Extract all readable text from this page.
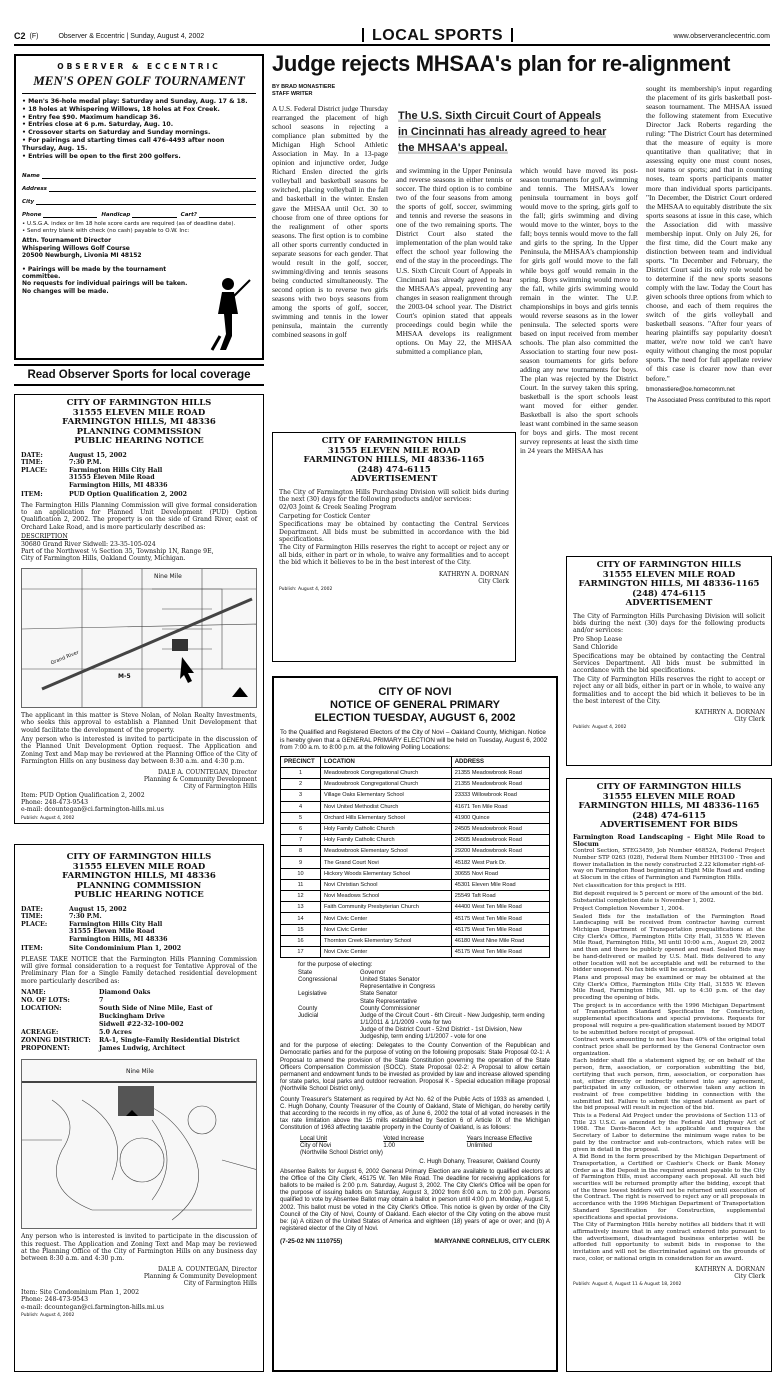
C2 (F)	Observer & Eccentric | Sunday, August 4, 2002	LOCAL SPORTS	www.observeranclecentric.com
OBSERVER & ECCENTRIC
MEN'S OPEN GOLF TOURNAMENT
• Men's 36-hole medal play: Saturday and Sunday, Aug. 17 & 18.
• 18 holes at Whispering Willows, 18 holes at Fox Creek.
• Entry fee $90. Maximum handicap 36.
• Entries close at 6 p.m. Saturday, Aug. 10.
• Crossover starts on Saturday and Sunday mornings.
• For pairings and starting times call 476-4493 after noon Thursday, Aug. 15.
• Entries will be open to the first 200 golfers.
Name
Address
City
Phone	Handicap	Cart?
• U.S.G.A. index or lim 18 hole score cards are required (as of deadline date).
• Send entry blank with check (no cash) payable to O.W. Inc:
Attn. Tournament Director
Whispering Willows Golf Course
20500 Newburgh, Livonia MI 48152
• Pairings will be made by the tournament committee.
No requests for individual pairings will be taken.
No changes will be made.
Read Observer Sports for local coverage
CITY OF FARMINGTON HILLS
31555 ELEVEN MILE ROAD
FARMINGTON HILLS, MI 48336
PLANNING COMMISSION
PUBLIC HEARING NOTICE
DATE:	August 15, 2002
TIME:	7:30 P.M.
PLACE:	Farmington Hills City Hall
31555 Eleven Mile Road
Farmington Hills, MI 48336
ITEM:	PUD Option Qualification 2, 2002
The Farmington Hills Planning Commission will give formal consideration to an application for Planned Unit Development (PUD) Option Qualification 2, 2002. The property is on the side of Grand River, east of Orchard Lake Road, and is more particularly described as:
DESCRIPTION
30680 Grand River Sidwell: 23-35-105-024
Part of the Northwest ¼ Section 35, Township 1N, Range 9E,
City of Farmington Hills, Oakland County, Michigan.
Nine Mile
M-5
Grand River
The applicant in this matter is Steve Nolan, of Nolan Realty Investments, who seeks this approval to establish a Planned Unit Development that would facilitate the development of the property.
Any person who is interested is invited to participate in the discussion of the Planned Unit Development Option request. The Application and Zoning Text and Map may be reviewed at the Planning Office of the City of Farmington Hills on any business day between 8:30 a.m. and 4:30 p.m.
DALE A. COUNTEGAN, Director
Planning & Community Development
City of Farmington Hills
Item: PUD Option Qualification 2, 2002
Phone: 248-473-9543
e-mail: dcountegan@ci.farmington-hills.mi.us
Publish: August 4, 2002
CITY OF FARMINGTON HILLS
31555 ELEVEN MILE ROAD
FARMINGTON HILLS, MI 48336
PLANNING COMMISSION
PUBLIC HEARING NOTICE
DATE:	August 15, 2002
TIME:	7:30 P.M.
PLACE:	Farmington Hills City Hall
31555 Eleven Mile Road
Farmington Hills, MI 48336
ITEM:	Site Condominium Plan 1, 2002
PLEASE TAKE NOTICE that the Farmington Hills Planning Commission will give formal consideration to a request for Tentative Approval of the Preliminary Plan for a Single Family detached residential development more particularly described as:
NAME:	Diamond Oaks
NO. OF LOTS:	7
LOCATION:	South Side of Nine Mile, East of Buckingham Drive
Sidwell #22-32-100-002
ACREAGE:	5.0 Acres
ZONING DISTRICT:	RA-1, Single-Family Residential District
PROPONENT:	James Ludwig, Architect
Nine Mile
Any person who is interested is invited to participate in the discussion of this request. The Application and Zoning Text and Map may be reviewed at the Planning Office of the City of Farmington Hills on any business day between 8:30 a.m. and 4:30 p.m.
DALE A. COUNTEGAN, Director
Planning & Community Development
City of Farmington Hills
Item: Site Condominium Plan 1, 2002
Phone: 248-473-9543
e-mail: dcountegan@ci.farmington-hills.mi.us
Publish: August 4, 2002
Judge rejects MHSAA's plan for re-alignment
The U.S. Sixth Circuit Court of Appeals in Cincinnati has already agreed to hear the MHSAA's appeal.
BY BRAD MONASTIERE
STAFF WRITER
A U.S. Federal District judge Thursday rearranged the placement of high school seasons in rejecting a compliance plan submitted by the Michigan High School Athletic Association in May. In a 13-page opinion and injunctive order, Judge Richard Enslen directed the girls volleyball and basketball seasons be switched, placing volleyball in the fall and basketball in the winter. Enslen gave the MHSAA until Oct. 30 to choose from one of three options for the realignment of other sports seasons. The first option is to combine all other sports currently conducted in separate seasons for each gender. That would result in the golf, soccer, swimming/diving and tennis seasons being conducted simultaneously. The second option is to reverse two girls seasons with two boys seasons from among the sports of golf, soccer, swimming and tennis in the lower peninsula, maintain the currently combined seasons in golf
and swimming in the Upper Peninsula and reverse seasons in either tennis or soccer. The third option is to combine two of the four seasons from among the sports of golf, soccer, swimming and tennis and reverse the seasons in one of the two remaining sports. The District Court also stated the implementation of the plan would take effect the school year following the end of the stay in the proceedings. The U.S. Sixth Circuit Court of Appeals in Cincinnati has already agreed to hear the MHSAA's appeal, preventing any changes in season realignment through the 2003-04 school year. The District Court's opinion stated that appeals proceedings could begin while the MHSAA develops its realignment options. On May 22, the MHSAA submitted a compliance plan,
which would have moved its post-season tournaments for golf, swimming and tennis. The MHSAA's lower peninsula tournament in boys golf would move to the spring, girls golf to the fall; girls swimming and diving would move to the winter, boys to the fall; boys tennis would move to the fall and girls to the spring. In the Upper Peninsula, the MHSAA's championship for girls golf would move to the fall while boys golf would remain in the spring. Boys swimming would move to the fall, while girls swimming would remain in the winter. The U.P. championships in boys and girls tennis would reverse seasons as in the lower peninsula. The selected sports were based on input received from member schools. The plan also committed the Association to starting four new post-season tournaments for girls before adding any new tournaments for boys. The plan was rejected by the District Court. In the survey taken this spring, basketball is the sport schools least want moved for either gender. Basketball is also the sport schools least want combined in the same season for boys and girls. The most recent survey represents at least the sixth time in 24 years the MHSAA has
sought its membership's input regarding the placement of its girls basketball post-season tournament. The MHSAA issued the following statement from Executive Director Jack Roberts regarding the ruling: "The District Court has determined that the measure of equity is more quantitative than qualitative; that in assessing equity one must count noses, not teams or sports; and that in counting noses, team sports participants matter more than individual sports participants. "In December, the District Court ordered the MHSAA to equitably distribute the six sports seasons at issue in this case, which the Association did with massive membership input. Only on July 26, for the first time, did the Court make any distinction between team and individual sports. "In December and February, the District Court said its only role would be to determine if the new sports seasons comply with the law. Today the Court has given schools three options from which to choose, and each of them requires the switch of the girls volleyball and basketball seasons. "After four years of hearing plaintiffs say popularity doesn't matter, we're now told we can't have equity without changing the most popular sports. The need for full appellate review of this case is clearer now than ever before."
bmonastiere@oe.homecomm.net
The Associated Press contributed to this report
CITY OF FARMINGTON HILLS
31555 ELEVEN MILE ROAD
FARMINGTON HILLS, MI 48336-1165
(248) 474-6115
ADVERTISEMENT
The City of Farmington Hills Purchasing Division will solicit bids during the next (30) days for the following products and/or services:
02/03 Joint & Creek Sealing Program
Carpeting for Costick Center
Specifications may be obtained by contacting the Central Services Department. All bids must be submitted in accordance with the bid specifications.
The City of Farmington Hills reserves the right to accept or reject any or all bids, either in part or in whole, to waive any formalities and to accept the bid which it believes to be in the best interest of the City.
KATHRYN A. DORNAN
City Clerk
Publish: August 4, 2002
CITY OF NOVI
NOTICE OF GENERAL PRIMARY
ELECTION TUESDAY, AUGUST 6, 2002
To the Qualified and Registered Electors of the City of Novi – Oakland County, Michigan. Notice is hereby given that a GENERAL PRIMARY ELECTION will be held on Tuesday, August 6, 2002 from 7:00 a.m. to 8:00 p.m. at the following Polling Locations:
PRECINCT	LOCATION	ADDRESS
1	Meadowbrook Congregational Church	21355 Meadowbrook Road
2	Meadowbrook Congregational Church	21355 Meadowbrook Road
3	Village Oaks Elementary School	23333 Willowbrook Road
4	Novi United Methodist Church	41671 Ten Mile Road
5	Orchard Hills Elementary School	41900 Quince
6	Holy Family Catholic Church	24505 Meadowbrook Road
7	Holy Family Catholic Church	24505 Meadowbrook Road
8	Meadowbrook Elementary School	29200 Meadowbrook Road
9	The Grand Court Novi	45182 West Park Dr.
10	Hickory Woods Elementary School	30655 Novi Road
11	Novi Christian School	45301 Eleven Mile Road
12	Novi Meadows School	25549 Taft Road
13	Faith Community Presbyterian Church	44400 West Ten Mile Road
14	Novi Civic Center	45175 West Ten Mile Road
15	Novi Civic Center	45175 West Ten Mile Road
16	Thornton Creek Elementary School	46180 West Nine Mile Road
17	Novi Civic Center	45175 West Ten Mile Road
for the purpose of electing:
State	Governor
Congressional	United States Senator
Representative in Congress
Legislative	State Senator
State Representative
County	County Commissioner
Judicial	Judge of the Circuit Court - 6th Circuit - New Judgeship, term ending 1/1/2011 & 1/1/2009 - vote for two
Judge of the District Court - 52nd District - 1st Division, New Judgeship, term ending 1/1/2007 - vote for one
and for the purpose of electing: Delegates to the County Convention of the Republican and Democratic parties and for the purpose of voting on the following proposals: State Proposal 02-1: A Proposal to amend the provision of the State Constitution governing the operation of the State Officers Compensation Commission (SOCC). State Proposal 02-2: A Proposal to allow certain permanent and endowment funds to be invested as provided by law and increase allowed spending for state parks, local parks and outdoor recreation. Proposal K - Special education millage proposal (Northville School District only).
County Treasurer's Statement as required by Act No. 62 of the Public Acts of 1933 as amended. I, C. Hugh Dohany, County Treasurer of the County of Oakland, State of Michigan, do hereby certify that according to the records in my office, as of June 6, 2002 the total of all voted increases in the tax rate limitation above the 15 mills established by Section 6 of Article IX of the Michigan Constitution of 1963 affecting taxable property in the County of Oakland, is as follows:
Local Unit	Voted Increase	Years Increase Effective
City of Novi	1.00	Unlimited
(Northville School District only)
C. Hugh Dohany, Treasurer, Oakland County
Absentee Ballots for August 6, 2002 General Primary Election are available to qualified electors at the Office of the City Clerk, 45175 W. Ten Mile Road. The deadline for receiving applications for ballots to be mailed is 2:00 p.m. Saturday, August 3, 2002. The City Clerk's Office will be open for the purpose of issuing ballots on Saturday, August 3, 2002 from 8:00 a.m. to 2:00 p.m. Persons qualified to vote by Absentee Ballot may obtain a ballot in person until 4:00 p.m. Monday, August 5, 2002. This ballot must be voted in the City Clerk's Office. This notice is given by order of the City Council of the City of Novi, County of Oakland. Each elector of the City voting on the above must be: (a) A citizen of the United States of America and eighteen (18) years of age or over; and (b) A registered elector of the City of Novi.
(7-25-02 NN 1110755)	MARYANNE CORNELIUS, CITY CLERK
CITY OF FARMINGTON HILLS
31555 ELEVEN MILE ROAD
FARMINGTON HILLS, MI 48336-1165
(248) 474-6115
ADVERTISEMENT
The City of Farmington Hills Purchasing Division will solicit bids during the next (30) days for the following products and/or services:
Pro Shop Lease
Sand Chloride
Specifications may be obtained by contacting the Central Services Department. All bids must be submitted in accordance with the bid specifications.
The City of Farmington Hills reserves the right to accept or reject any or all bids, either in part or in whole, to waive any formalities and to accept the bid which it believes to be in the best interest of the City.
KATHRYN A. DORNAN
City Clerk
Publish: August 4, 2002
CITY OF FARMINGTON HILLS
31555 ELEVEN MILE ROAD
FARMINGTON HILLS, MI 48336-1165
(248) 474-6115
ADVERTISEMENT FOR BIDS
Farmington Road Landscaping – Eight Mile Road to Slocum
Control Section, STEG3459, Job Number 46852A, Federal Project Number STP 0263 (028), Federal Item Number HH3100 - Tree and flower installation in the newly constructed 2.22 kilometer right-of-way on Farmington Road beginning at Eight Mile Road and ending at Slocum in the cities of Farmington and Farmington Hills.
Net classification for this project is HH.
Bid deposit required is 5 percent or more of the amount of the bid.
Substantial completion date is November 1, 2002.
Project Completion November 1, 2004.
Sealed Bids for the installation of the Farmington Road Landscaping will be received from contractor having current Michigan Department of Transportation prequalifications at the City Clerk's Office, Farmington Hills City Hall, 31555 W. Eleven Mile Road, Farmington Hills, MI until 10:00 a.m., August 29, 2002 and then and there be publicly opened and read. Sealed Bids may be hand-delivered or mailed by U.S. Mail. Bids delivered to any other location will not be acceptable and will be returned to the bidder unopened. No fax bids will be accepted.
Plans and proposal may be examined or may be obtained at the City Clerk's Office, Farmington Hills City Hall, 31555 W. Eleven Mile Road, Farmington Hills, MI. up to 4:30 p.m. of the day preceding the opening of bids.
The project is in accordance with the 1996 Michigan Department of Transportation Standard Specification for Construction, supplemental specifications and special provisions. Requests for proposal will require a pre-qualification statement issued by MDOT to be submitted before receipt of proposal.
Contract work amounting to not less than 40% of the original total contract price shall be performed by the General Contractor own organization.
Each bidder shall file a statement signed by, or on behalf of the person, firm, association, or corporation submitting the bid, certifying that such person, firm, association, or corporation has not, either directly or indirectly entered into any agreement, participated in any collusion, or otherwise taken any action in restraint of free competitive bidding in connection with the submitted bid. Failure to submit the signed statement as part of the bid proposal will result in rejection of the bid.
This is a Federal Aid Project under the provisions of Section 113 of Title 23 U.S.C. as amended by the Federal Aid Highway Act of 1968. The Davis-Bacon Act is applicable and requires the Secretary of Labor to determine the minimum wage rates to be paid by the contractor and sub-contractors, which rates will be given in detail in the proposal.
A Bid Bond in the form prescribed by the Michigan Department of Transportation, a Certified or Cashier's Check or Bank Money Order as a Bid Deposit in the required amount payable to the City of Farmington Hills, must accompany each proposal. All such bid securities will be returned promptly after the bidding, except that of the three lowest bidders will not be returned until execution of the Contract. The right is reserved to reject any or all proposals in accordance with the 1996 Michigan Department of Transportation Standard Specification for Construction, supplemental specifications and special provisions.
The City of Farmington Hills hereby notifies all bidders that it will affirmatively insure that in any contract entered into pursuant to the advertisement, disadvantaged business enterprise will be afforded full opportunity to submit bids in response to the invitation and will not be discriminated against on the grounds of race, color, or national origin in consideration for an award.
KATHRYN A. DORNAN
City Clerk
Publish: August 4, August 11 & August 18, 2002
